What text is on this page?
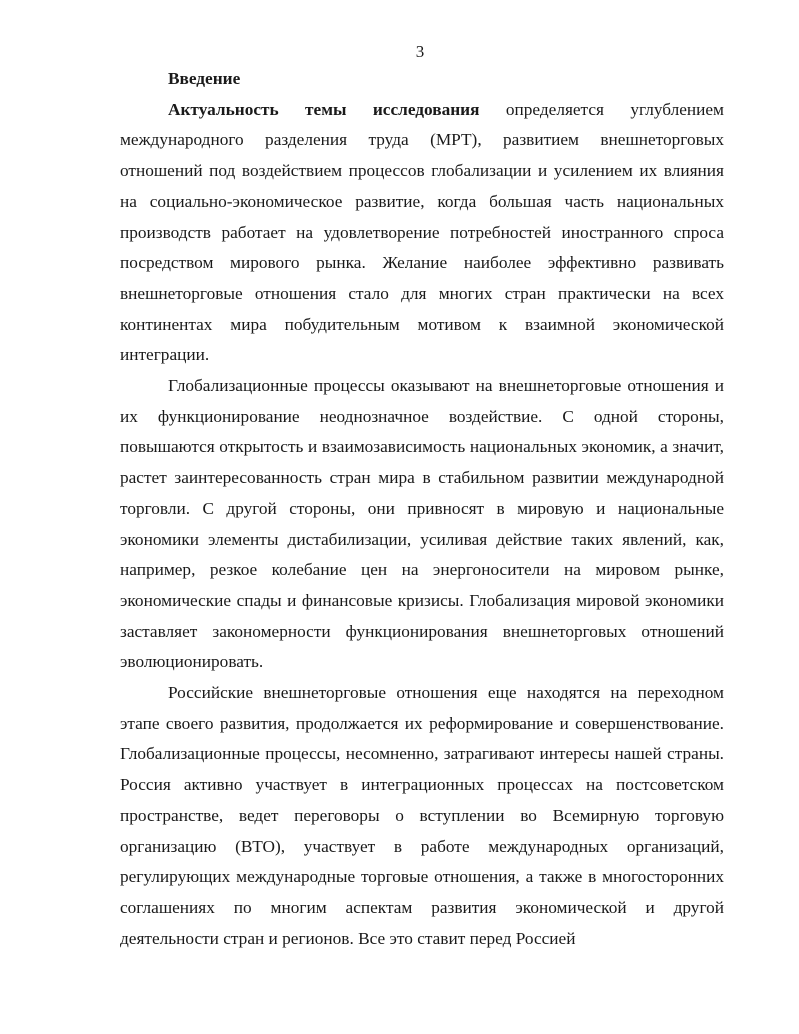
3
Введение

Актуальность темы исследования определяется углублением международного разделения труда (МРТ), развитием внешнеторговых отношений под воздействием процессов глобализации и усилением их влияния на социально-экономическое развитие, когда большая часть национальных производств работает на удовлетворение потребностей иностранного спроса посредством мирового рынка. Желание наиболее эффективно развивать внешнеторговые отношения стало для многих стран практически на всех континентах мира побудительным мотивом к взаимной экономической интеграции.

Глобализационные процессы оказывают на внешнеторговые отношения и их функционирование неоднозначное воздействие. С одной стороны, повышаются открытость и взаимозависимость национальных экономик, а значит, растет заинтересованность стран мира в стабильном развитии международной торговли. С другой стороны, они привносят в мировую и национальные экономики элементы дистабилизации, усиливая действие таких явлений, как, например, резкое колебание цен на энергоносители на мировом рынке, экономические спады и финансовые кризисы. Глобализация мировой экономики заставляет закономерности функционирования внешнеторговых отношений эволюционировать.

Российские внешнеторговые отношения еще находятся на переходном этапе своего развития, продолжается их реформирование и совершенствование. Глобализационные процессы, несомненно, затрагивают интересы нашей страны. Россия активно участвует в интеграционных процессах на постсоветском пространстве, ведет переговоры о вступлении во Всемирную торговую организацию (ВТО), участвует в работе международных организаций, регулирующих международные торговые отношения, а также в многосторонних соглашениях по многим аспектам развития экономической и другой деятельности стран и регионов. Все это ставит перед Россией
